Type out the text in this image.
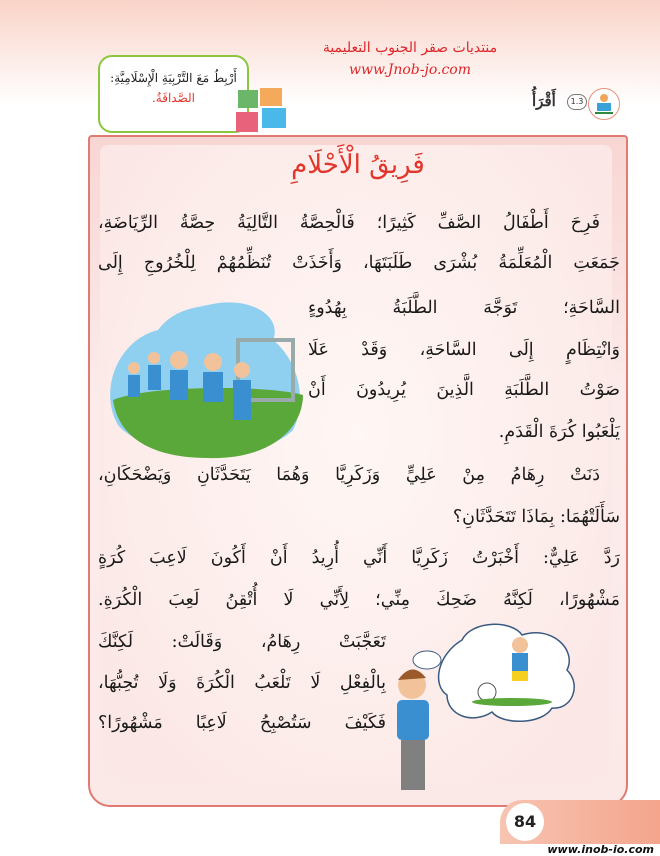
منتديات صقر الجنوب التعليمية
www.Jnob-jo.com
أَرْبِطُ مَعَ التَّرْبِيَةِ الْإِسْلَامِيَّةِ:
الصَّداقَةُ.	1.3
أَقْرَأُ
فَرِيقُ الْأَحْلَامِ
فَرِحَ أَطْفَالُ الصَّفِّ كَثِيرًا؛ فَالْحِصَّةُ التَّالِيَةُ حِصَّةُ الرِّيَاضَةِ،
جَمَعَتِ الْمُعَلِّمَةُ بُشْرَى طَلَبَتَهَا، وَأَخَذَتْ تُنَظِّمُهُمْ لِلْخُرُوجِ إِلَى
السَّاحَةِ؛ تَوَجَّهَ الطَّلَبَةُ بِهُدُوءٍ
وَانْتِظَامٍ إِلَى السَّاحَةِ، وَقَدْ عَلَا
صَوْتُ الطَّلَبَةِ الَّذِينَ يُرِيدُونَ أَنْ
يَلْعَبُوا كُرَةَ الْقَدَمِ.
دَنَتْ رِهَامُ مِنْ عَلِيٍّ وَزَكَرِيَّا وَهُمَا يَتَحَدَّثَانِ وَيَضْحَكَانِ،
سَأَلَتْهُمَا: بِمَاذَا تَتَحَدَّثَانِ؟
رَدَّ عَلِيٌّ: أَخْبَرْتُ زَكَرِيَّا أَنِّي أُرِيدُ أَنْ أَكُونَ لَاعِبَ كُرَةٍ
مَشْهُورًا، لَكِنَّهُ ضَحِكَ مِنِّي؛ لِأَنِّي لَا أُتْقِنُ لَعِبَ الْكُرَةِ.
تَعَجَّبَتْ رِهَامُ، وَقَالَتْ: لَكِنَّكَ
بِالْفِعْلِ لَا تَلْعَبُ الْكُرَةَ وَلَا تُحِبُّهَا،
فَكَيْفَ سَتُصْبِحُ لَاعِبًا مَشْهُورًا؟
84
www.inob-io.com
